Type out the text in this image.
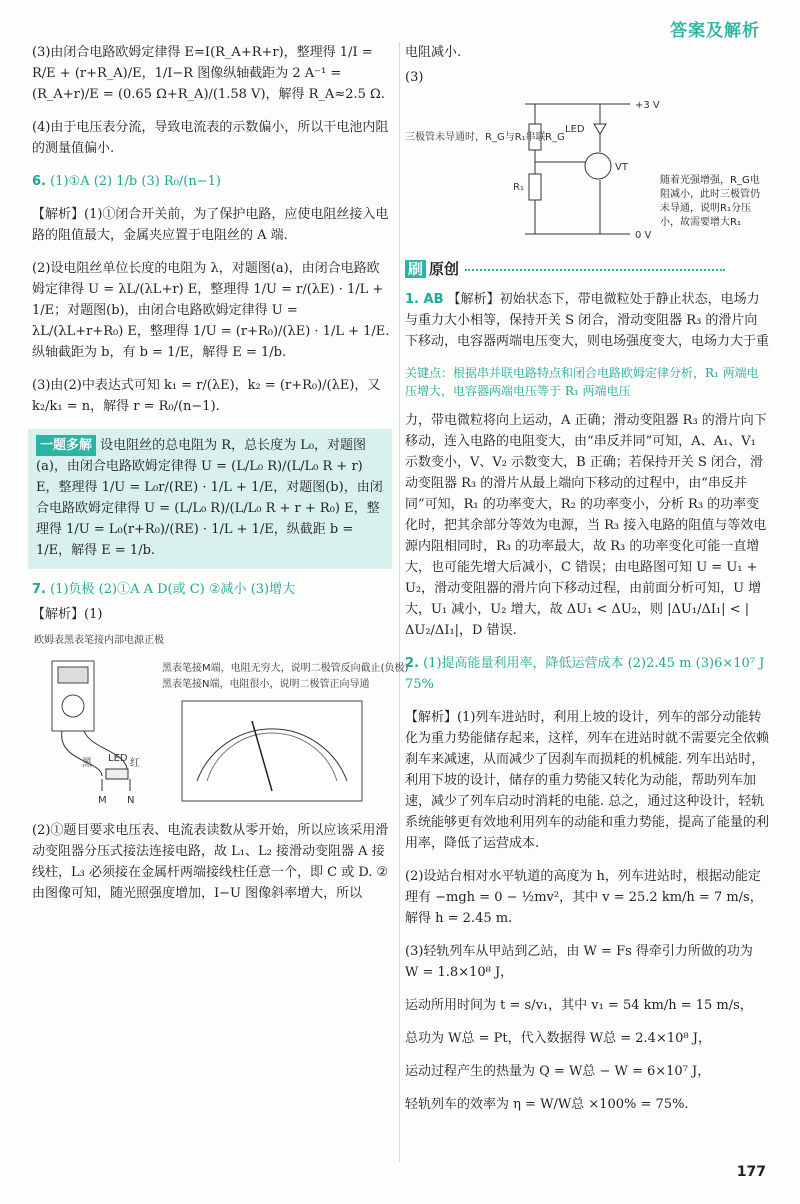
答案及解析

(3)由闭合电路欧姆定律得 E=I(R_A+R+r)，整理得 1/I = R/E + (r+R_A)/E，1/I−R 图像纵轴截距为 2 A⁻¹ = (R_A+r)/E = (0.65 Ω+R_A)/(1.58 V)，解得 R_A≈2.5 Ω.

(4)由于电压表分流，导致电流表的示数偏小，所以干电池内阻的测量值偏小.

6. (1)①A (2) 1/b (3) R₀/(n−1)

【解析】(1)①闭合开关前，为了保护电路，应使电阻丝接入电路的阻值最大，金属夹应置于电阻丝的 A 端.

(2)设电阻丝单位长度的电阻为 λ，对题图(a)，由闭合电路欧姆定律得 U = λL/(λL+r) E，整理得 1/U = r/(λE) · 1/L + 1/E；对题图(b)，由闭合电路欧姆定律得 U = λL/(λL+r+R₀) E，整理得 1/U = (r+R₀)/(λE) · 1/L + 1/E. 纵轴截距为 b，有 b = 1/E，解得 E = 1/b.

(3)由(2)中表达式可知 k₁ = r/(λE)，k₂ = (r+R₀)/(λE)，又 k₂/k₁ = n，解得 r = R₀/(n−1).

一题多解 设电阻丝的总电阻为 R，总长度为 L₀，对题图(a)，由闭合电路欧姆定律得 U = (L/L₀ R)/(L/L₀ R + r) E，整理得 1/U = L₀r/(RE) · 1/L + 1/E，对题图(b)，由闭合电路欧姆定律得 U = (L/L₀ R)/(L/L₀ R + r + R₀) E，整理得 1/U = L₀(r+R₀)/(RE) · 1/L + 1/E，纵截距 b = 1/E，解得 E = 1/b.

7. (1)负极 (2)①A A D(或 C) ②减小 (3)增大

【解析】(1)

欧姆表黑表笔接内部电源正极
黑	红
LED
M N
黑表笔接M端，电阻无穷大，说明二极管反向截止(负极)
黑表笔接N端，电阻很小，说明二极管正向导通

(2)①题目要求电压表、电流表读数从零开始，所以应该采用滑动变阻器分压式接法连接电路，故 L₁、L₂ 接滑动变阻器 A 接线柱，L₃ 必须接在金属杆两端接线柱任意一个，即 C 或 D. ②由图像可知，随光照强度增加，I−U 图像斜率增大，所以

电阻减小.

(3)

+3 V
0 V
R_G
R₁
LED
VT
三极管未导通时，R_G与R₁串联
随着光强增强，R_G电阻减小，此时三极管仍未导通，说明R₁分压小，故需要增大R₁
刷 原创

1. AB 【解析】初始状态下，带电微粒处于静止状态，电场力与重力大小相等，保持开关 S 闭合，滑动变阻器 R₃ 的滑片向下移动，电容器两端电压变大，则电场强度变大，电场力大于重

关键点：根据串并联电路特点和闭合电路欧姆定律分析，R₁ 两端电压增大，电容器两端电压等于 R₁ 两端电压

力，带电微粒将向上运动，A 正确；滑动变阻器 R₃ 的滑片向下移动，连入电路的电阻变大，由“串反并同”可知，A、A₁、V₁ 示数变小，V、V₂ 示数变大，B 正确；若保持开关 S 闭合，滑动变阻器 R₃ 的滑片从最上端向下移动的过程中，由“串反并同”可知，R₁ 的功率变大，R₂ 的功率变小，分析 R₃ 的功率变化时，把其余部分等效为电源，当 R₃ 接入电路的阻值与等效电源内阻相同时，R₃ 的功率最大，故 R₃ 的功率变化可能一直增大，也可能先增大后减小，C 错误；由电路图可知 U = U₁ + U₂，滑动变阻器的滑片向下移动过程，由前面分析可知，U 增大，U₁ 减小，U₂ 增大，故 ΔU₁ < ΔU₂，则 |ΔU₁/ΔI₁| < |ΔU₂/ΔI₁|，D 错误.

2. (1)提高能量利用率，降低运营成本 (2)2.45 m (3)6×10⁷ J 75%

【解析】(1)列车进站时，利用上坡的设计，列车的部分动能转化为重力势能储存起来，这样，列车在进站时就不需要完全依赖刹车来减速，从而减少了因刹车而损耗的机械能. 列车出站时，利用下坡的设计，储存的重力势能又转化为动能，帮助列车加速，减少了列车启动时消耗的电能. 总之，通过这种设计，轻轨系统能够更有效地利用列车的动能和重力势能，提高了能量的利用率，降低了运营成本.

(2)设站台相对水平轨道的高度为 h，列车进站时，根据动能定理有 −mgh = 0 − ½mv²，其中 v = 25.2 km/h = 7 m/s，解得 h = 2.45 m.

(3)轻轨列车从甲站到乙站，由 W = Fs 得牵引力所做的功为 W = 1.8×10⁸ J，

运动所用时间为 t = s/v₁，其中 v₁ = 54 km/h = 15 m/s，

总功为 W总 = Pt，代入数据得 W总 = 2.4×10⁸ J，

运动过程产生的热量为 Q = W总 − W = 6×10⁷ J，

轻轨列车的效率为 η = W/W总 ×100% = 75%.

177
